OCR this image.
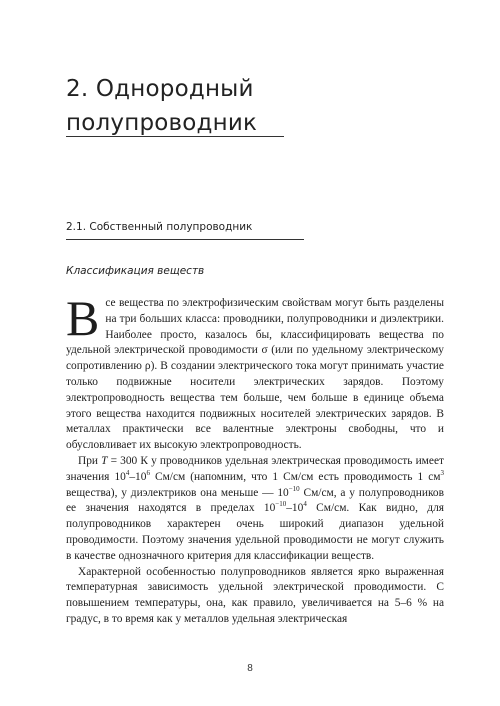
2. Однородный
полупроводник
2.1. Собственный полупроводник
Классификация веществ

Все вещества по электрофизическим свойствам могут быть разделены на три больших класса: проводники, полупроводники и диэлектрики. Наиболее просто, казалось бы, классифицировать вещества по удельной электрической проводимости σ (или по удельному электрическому сопротивлению ρ). В создании электрического тока могут принимать участие только подвижные носители электрических зарядов. Поэтому электропроводность вещества тем больше, чем больше в единице объема этого вещества находится подвижных носителей электрических зарядов. В металлах практически все валентные электроны свободны, что и обусловливает их высокую электропроводность.

При T = 300 К у проводников удельная электрическая проводимость имеет значения $10^4-10^6$ См/см (напомним, что 1 См/см есть проводимость 1 $см^3$ вещества), у диэлектриков она меньше — $10^{-10}$ См/см, а у полупроводников ее значения находятся в пределах $10^{-10}-10^4$ См/см. Как видно, для полупроводников характерен очень широкий диапазон удельной проводимости. Поэтому значения удельной проводимости не могут служить в качестве однозначного критерия для классификации веществ.

Характерной особенностью полупроводников является ярко выраженная температурная зависимость удельной электрической проводимости. С повышением температуры, она, как правило, увеличивается на 5–6 % на градус, в то время как у металлов удельная электрическая

8
